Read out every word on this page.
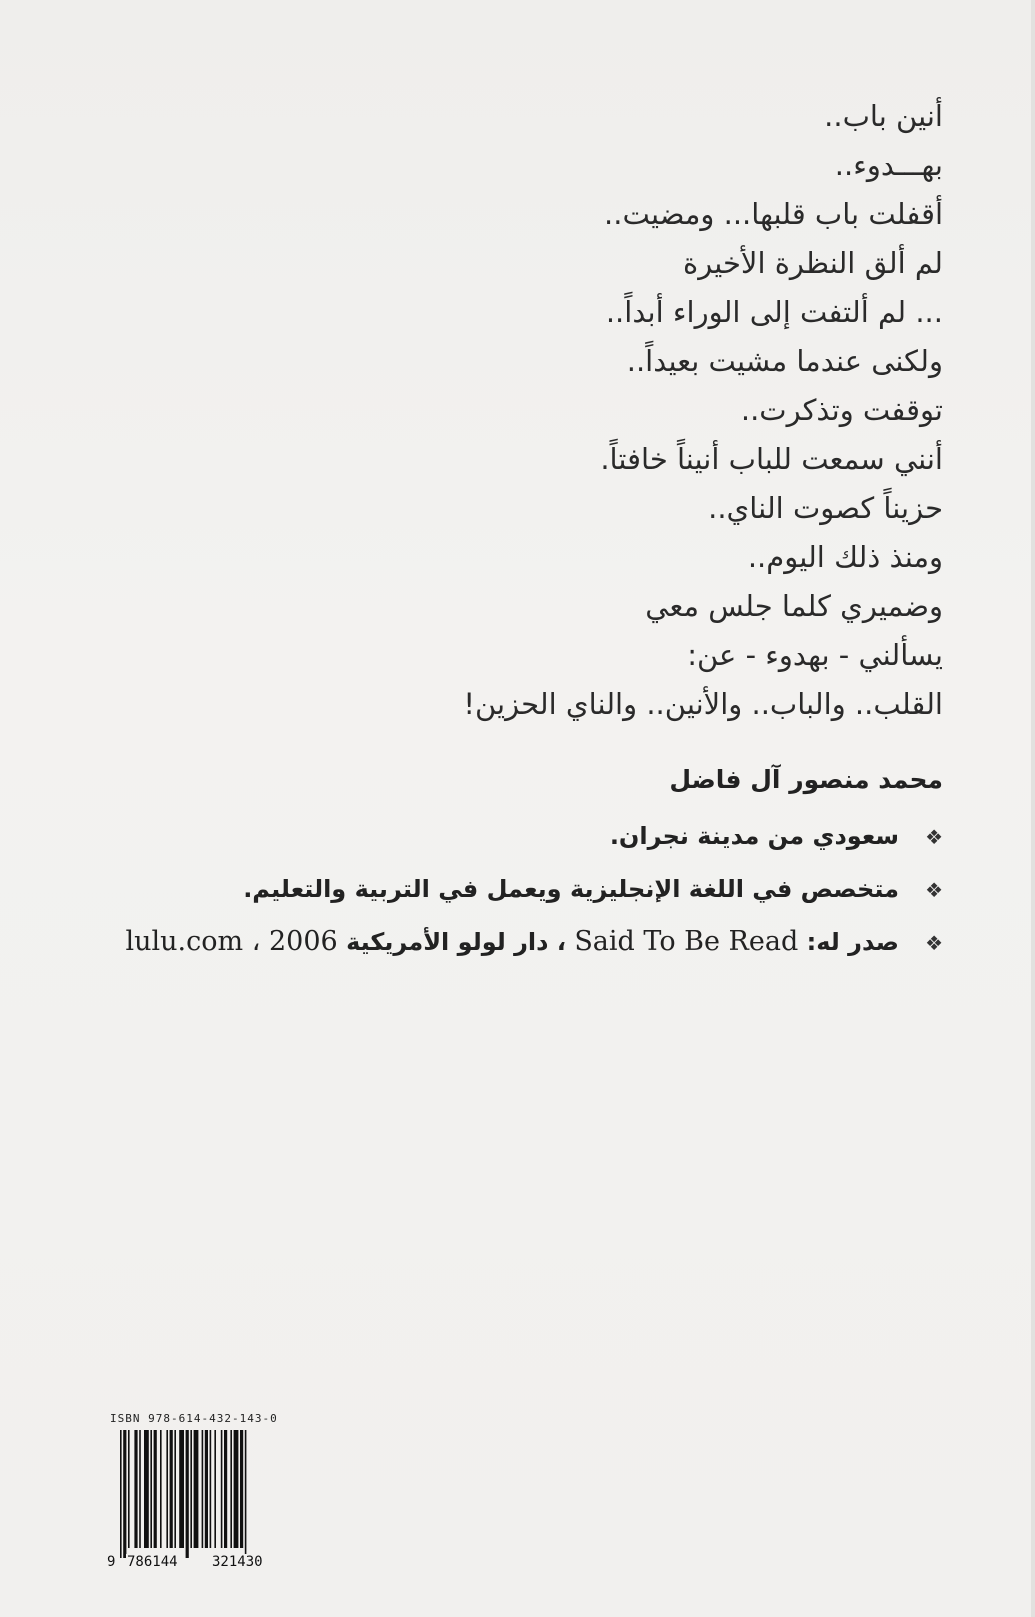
أنين باب..
بهـــدوء..
أقفلت باب قلبها... ومضيت..
لم ألق النظرة الأخيرة
... لم ألتفت إلى الوراء أبداً..
ولكنى عندما مشيت بعيداً..
توقفت وتذكرت..
أنني سمعت للباب أنيناً خافتاً.
حزيناً كصوت الناي..
ومنذ ذلك اليوم..
وضميري كلما جلس معي
يسألني - بهدوء - عن:
القلب.. والباب.. والأنين.. والناي الحزين!
محمد منصور آل فاضل
❖سعودي من مدينة نجران.
❖متخصص في اللغة الإنجليزية ويعمل في التربية والتعليم.
❖صدر له: Said To Be Read ، دار لولو الأمريكية 2006 ، lulu.com
ISBN 978-614-432-143-0
9 786144 321430
